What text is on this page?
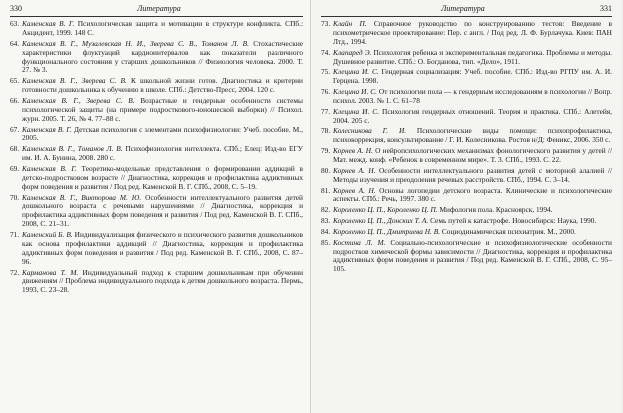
330	Литература
63. Каменская В. Г. Психологическая защита и мотивации в структуре конфликта. СПб.: Акцидент, 1999. 148 С.
64. Каменская В. Г., Музалевская Н. И., Зверева С. В., Томанов Л. В. Стохастические характеристики флуктуаций кардиоинтервалов как показатели различного функционального состояния у старших дошкольников // Физиология человека. 2000. Т. 27. № 3.
65. Каменская В. Г., Зверева С. В. К школьной жизни готов. Диагностика и критерии готовности дошкольника к обучению в школе. СПб.: Детство-Пресс, 2004. 120 с.
66. Каменская В. Г., Зверева С. В. Возрастные и гендерные особенности системы психологической защиты (на примере подросткового-юношеской выборки) // Психол. журн. 2005. Т. 26, № 4. 77–88 с.
67. Каменская В. Г. Детская психология с элементами психофизиологии: Учеб. пособие. М., 2005.
68. Каменская В. Г., Томанов Л. В. Психофизиология интеллекта. СПб.; Елец: Изд-во ЕГУ им. И. А. Бунина, 2008. 280 с.
69. Каменская В. Г. Теоретико-модельные представления о формировании аддикций в детско-подростковом возрасте // Диагностика, коррекция и профилактика аддиктивных форм поведения и развития / Под ред. Каменской В. Г. СПб., 2008, С. 5–19.
70. Каменская В. Г., Викторова М. Ю. Особенности интеллектуального развития детей дошкольного возраста с речевыми нарушениями // Диагностика, коррекция и профилактика аддиктивных форм поведения и развития / Под ред. Каменской В. Г. СПб., 2008, С. 21–31.
71. Каменский Б. В. Индивидуализация физического и психического развития дошкольников как основа профилактики аддикций // Диагностика, коррекция и профилактика аддиктивных форм поведения и развития / Под ред. Каменской В. Г. СПб., 2008, С. 87–96.
72. Карманова Т. М. Индивидуальный подход к старшим дошкольникам при обучении движениям // Проблема индивидуального подхода к детям дошкольного возраста. Пермь, 1993, С. 23–28.
Литература	331
73. Клайн П. Справочное руководство по конструированию тестов: Введение в психометрическое проектирование: Пер. с англ. / Под ред. Л. Ф. Бурлачука. Киев: ПАН Лтд., 1994.
74. Клапаред Э. Психология ребенка и экспериментальная педагогика. Проблемы и методы. Душевное развитие. СПб.: О. Богданова, тип. «Дело», 1911.
75. Клецина И. С. Гендерная социализация: Учеб. пособие. СПб.: Изд-во РГПУ им. А. И. Герцена. 1998.
76. Клецина И. С. От психологии пола — к гендерным исследованиям в психологии // Вопр. психол. 2003. № 1. С. 61–78
77. Клецина И. С. Психология гендерных отношений. Теория и практика. СПб.: Алетейя, 2004. 205 с.
78. Колесникова Г. И. Психологические виды помощи: психопрофилактика, психокоррекция, консультирование / Г. И. Колесникова. Ростов н/Д: Феникс, 2006. 350 с.
79. Корнев А. Н. О нейропсихологических механизмах фонологического развития у детей // Мат. межд. конф. «Ребенок в современном мире». Т. 3. СПб., 1993. С. 22.
80. Корнев А. Н. Особенности интеллектуального развития детей с моторной алалией // Методы изучения и преодоления речевых расстройств. СПб., 1994. С. 3–14.
81. Корнев А. Н. Основы логопедии детского возраста. Клинические и психологические аспекты. СПб.: Речь, 1997. 380 с.
82. Короленко Ц. П., Короленко Ц. П. Мифология пола. Красноярск, 1994.
83. Короленко Ц. П., Донских Т. А. Семь путей к катастрофе. Новосибирск: Наука, 1990.
84. Короленко Ц. П., Дмитриева Н. В. Социодинамическая психиатрия. М., 2000.
85. Костина Л. М. Социально-психологические и психофизиологические особенности подростков химической формы зависимости // Диагностика, коррекция и профилактика аддиктивных форм поведения и развития / Под ред. Каменской В. Г. СПб., 2008, С. 95–105.
